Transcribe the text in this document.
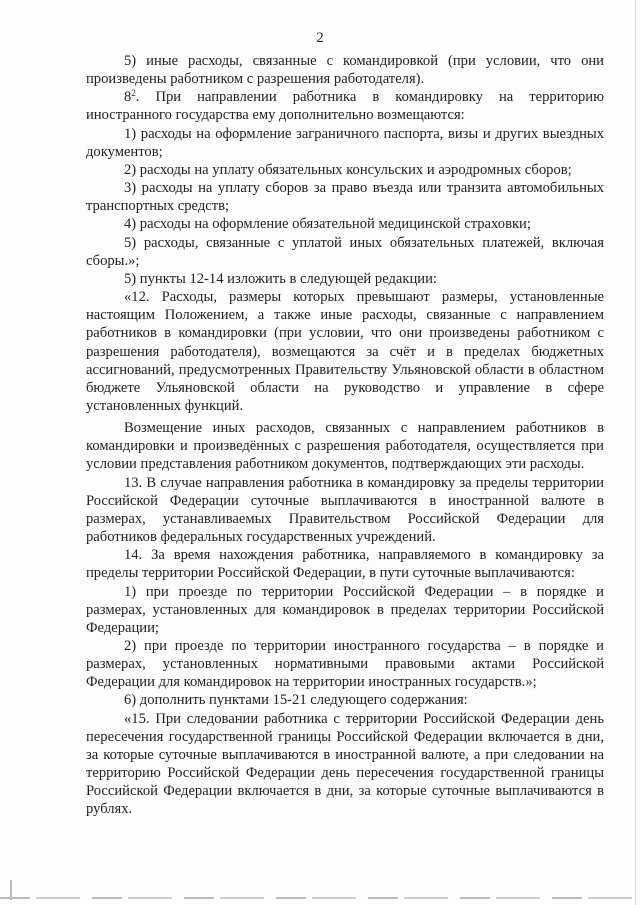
2

5) иные расходы, связанные с командировкой (при условии, что они произведены работником с разрешения работодателя).

$8^2$. При направлении работника в командировку на территорию иностранного государства ему дополнительно возмещаются:

1) расходы на оформление заграничного паспорта, визы и других выездных документов;

2) расходы на уплату обязательных консульских и аэродромных сборов;

3) расходы на уплату сборов за право въезда или транзита автомобильных транспортных средств;

4) расходы на оформление обязательной медицинской страховки;

5) расходы, связанные с уплатой иных обязательных платежей, включая сборы.»;

5) пункты 12-14 изложить в следующей редакции:

«12. Расходы, размеры которых превышают размеры, установленные настоящим Положением, а также иные расходы, связанные с направлением работников в командировки (при условии, что они произведены работником с разрешения работодателя), возмещаются за счёт и в пределах бюджетных ассигнований, предусмотренных Правительству Ульяновской области в областном бюджете Ульяновской области на руководство и управление в сфере установленных функций.

Возмещение иных расходов, связанных с направлением работников в командировки и произведённых с разрешения работодателя, осуществляется при условии представления работником документов, подтверждающих эти расходы.

13. В случае направления работника в командировку за пределы территории Российской Федерации суточные выплачиваются в иностранной валюте в размерах, устанавливаемых Правительством Российской Федерации для работников федеральных государственных учреждений.

14. За время нахождения работника, направляемого в командировку за пределы территории Российской Федерации, в пути суточные выплачиваются:

1) при проезде по территории Российской Федерации – в порядке и размерах, установленных для командировок в пределах территории Российской Федерации;

2) при проезде по территории иностранного государства – в порядке и размерах, установленных нормативными правовыми актами Российской Федерации для командировок на территории иностранных государств.»;

6) дополнить пунктами 15-21 следующего содержания:

«15. При следовании работника с территории Российской Федерации день пересечения государственной границы Российской Федерации включается в дни, за которые суточные выплачиваются в иностранной валюте, а при следовании на территорию Российской Федерации день пересечения государственной границы Российской Федерации включается в дни, за которые суточные выплачиваются в рублях.
